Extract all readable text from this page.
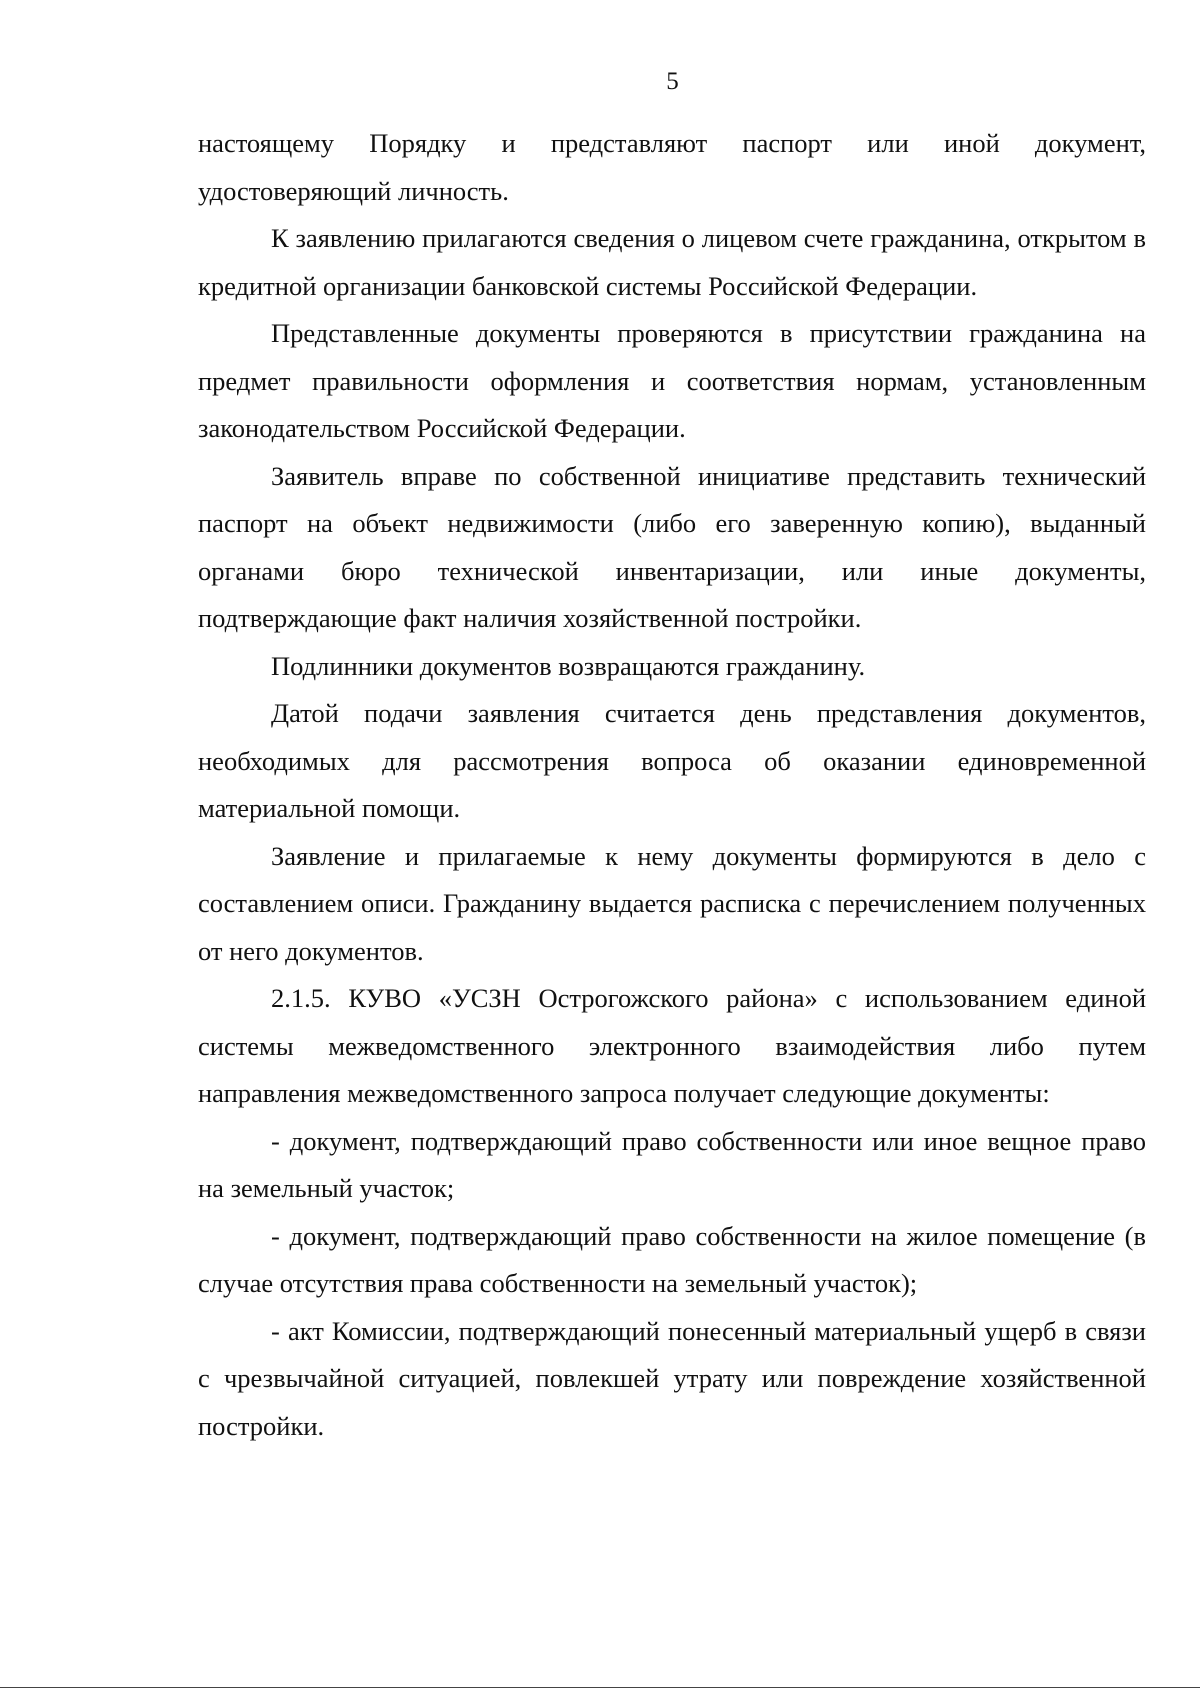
5

настоящему Порядку и представляют паспорт или иной документ, удостоверяющий личность.

К заявлению прилагаются сведения о лицевом счете гражданина, открытом в кредитной организации банковской системы Российской Федерации.

Представленные документы проверяются в присутствии гражданина на предмет правильности оформления и соответствия нормам, установленным законодательством Российской Федерации.

Заявитель вправе по собственной инициативе представить технический паспорт на объект недвижимости (либо его заверенную копию), выданный органами бюро технической инвентаризации, или иные документы, подтверждающие факт наличия хозяйственной постройки.

Подлинники документов возвращаются гражданину.

Датой подачи заявления считается день представления документов, необходимых для рассмотрения вопроса об оказании единовременной материальной помощи.

Заявление и прилагаемые к нему документы формируются в дело с составлением описи. Гражданину выдается расписка с перечислением полученных от него документов.

2.1.5. КУВО «УСЗН Острогожского района» с использованием единой системы межведомственного электронного взаимодействия либо путем направления межведомственного запроса получает следующие документы:

- документ, подтверждающий право собственности или иное вещное право на земельный участок;

- документ, подтверждающий право собственности на жилое помещение (в случае отсутствия права собственности на земельный участок);

- акт Комиссии, подтверждающий понесенный материальный ущерб в связи с чрезвычайной ситуацией, повлекшей утрату или повреждение хозяйственной постройки.
